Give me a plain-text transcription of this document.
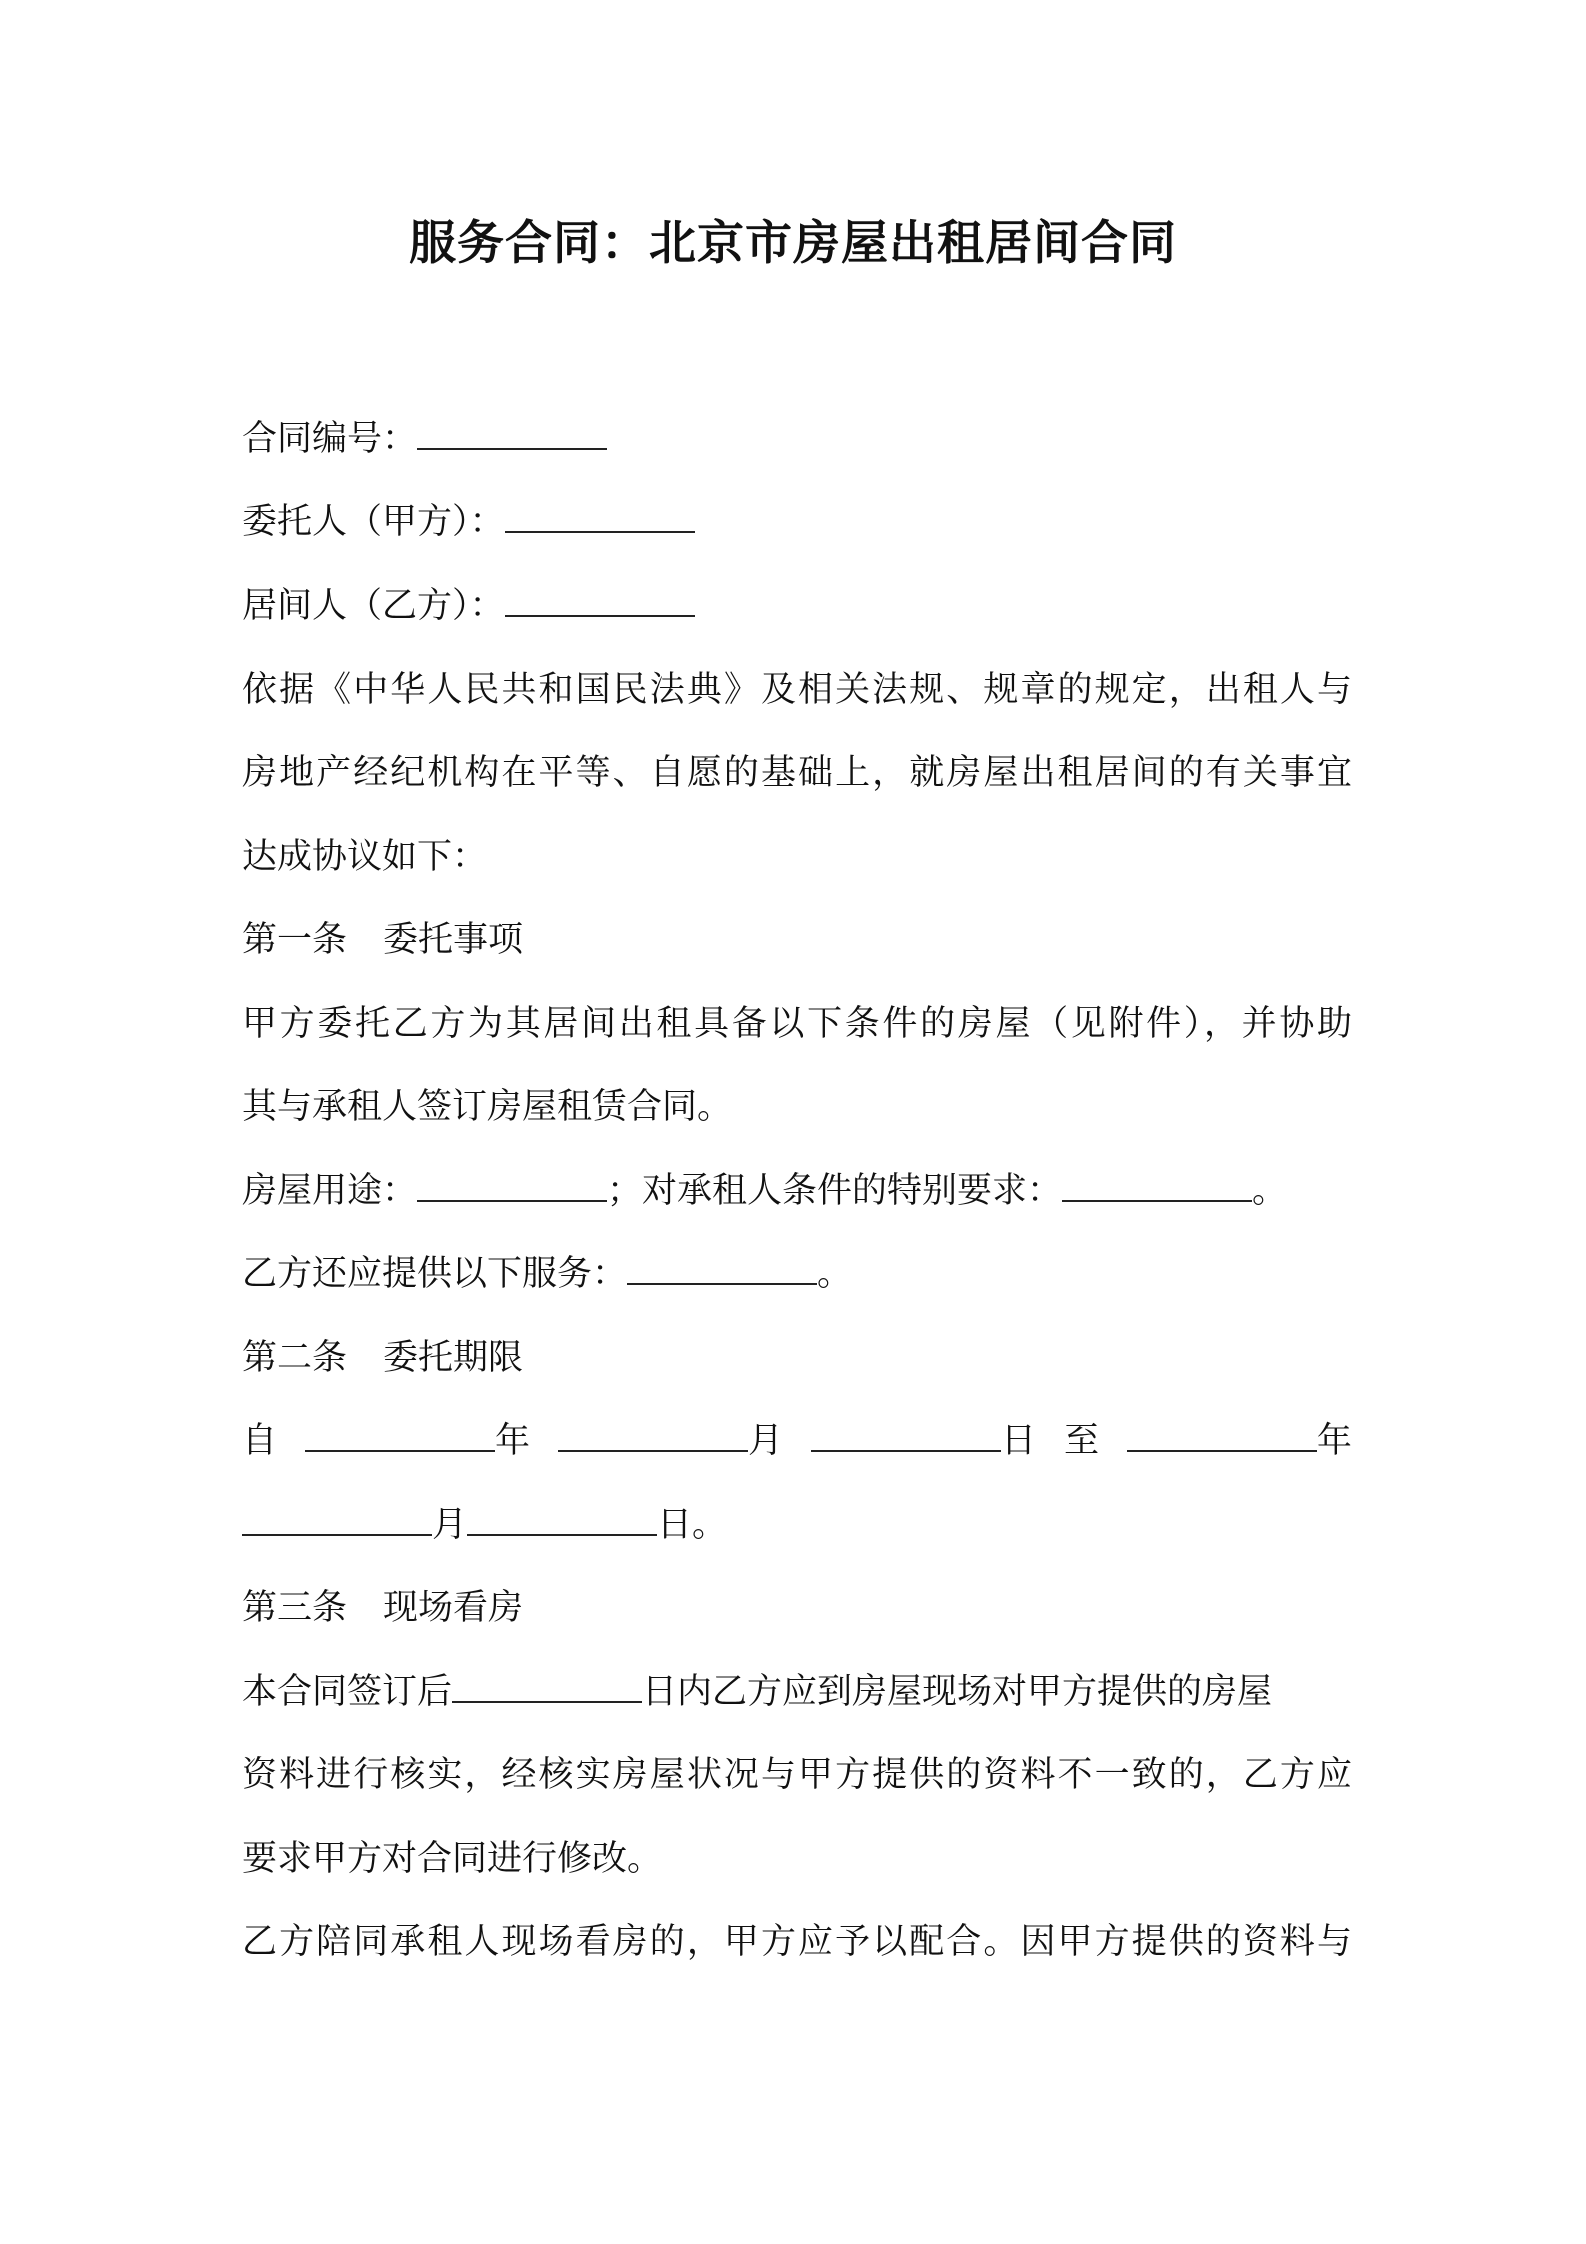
服务合同：北京市房屋出租居间合同
合同编号：
委托人（甲方）：
居间人（乙方）：
依据《中华人民共和国民法典》及相关法规、规章的规定，出租人与
房地产经纪机构在平等、自愿的基础上，就房屋出租居间的有关事宜
达成协议如下：
第一条 委托事项
甲方委托乙方为其居间出租具备以下条件的房屋（见附件），并协助
其与承租人签订房屋租赁合同。
房屋用途：	；对承租人条件的特别要求：	。
乙方还应提供以下服务：	。
第二条 委托期限
自	年	月	日 至	年
月	日。
第三条 现场看房
本合同签订后	日内乙方应到房屋现场对甲方提供的房屋
资料进行核实，经核实房屋状况与甲方提供的资料不一致的，乙方应
要求甲方对合同进行修改。
乙方陪同承租人现场看房的，甲方应予以配合。因甲方提供的资料与
